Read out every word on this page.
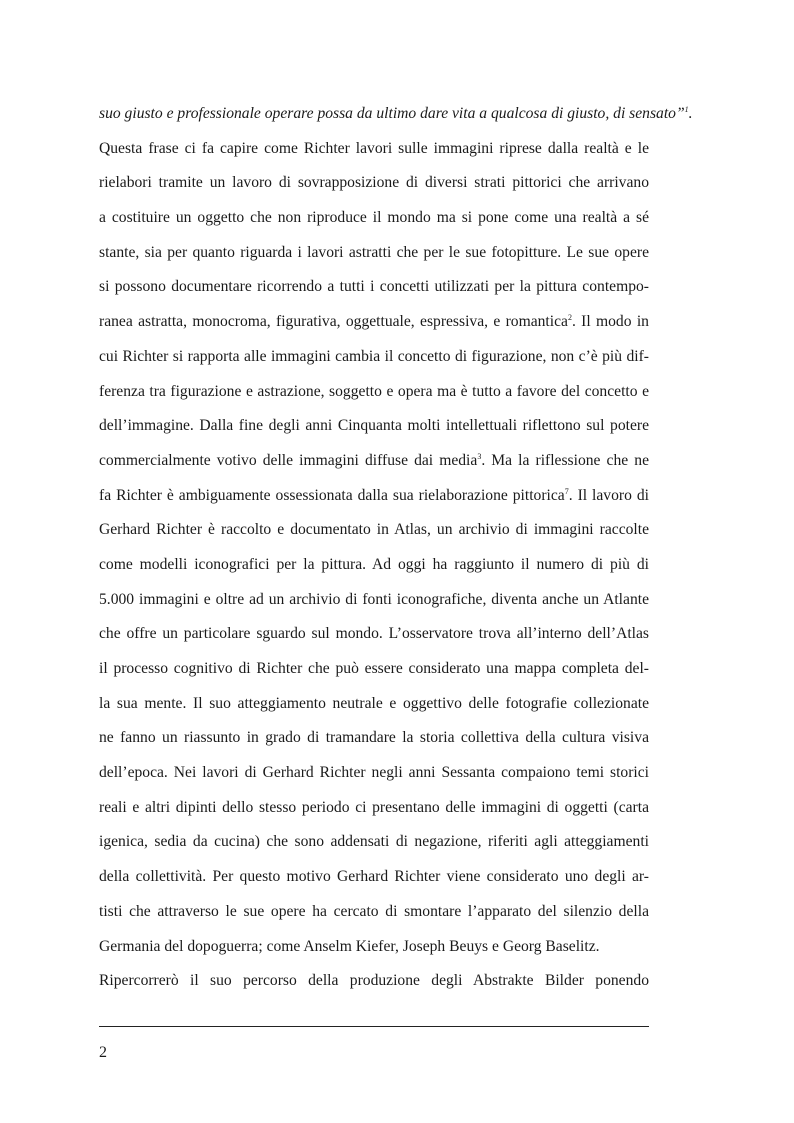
suo giusto e professionale operare possa da ultimo dare vita a qualcosa di giusto, di sensato”$^1$.
Questa frase ci fa capire come Richter lavori sulle immagini riprese dalla realtà e le
rielabori tramite un lavoro di sovrapposizione di diversi strati pittorici che arrivano
a costituire un oggetto che non riproduce il mondo ma si pone come una realtà a sé
stante, sia per quanto riguarda i lavori astratti che per le sue fotopitture. Le sue opere
si possono documentare ricorrendo a tutti i concetti utilizzati per la pittura contempo-
ranea astratta, monocroma, figurativa, oggettuale, espressiva, e romantica$^2$. Il modo in
cui Richter si rapporta alle immagini cambia il concetto di figurazione, non c’è più dif-
ferenza tra figurazione e astrazione, soggetto e opera ma è tutto a favore del concetto e
dell’immagine. Dalla fine degli anni Cinquanta molti intellettuali riflettono sul potere
commercialmente votivo delle immagini diffuse dai media$^3$. Ma la riflessione che ne
fa Richter è ambiguamente ossessionata dalla sua rielaborazione pittorica$^7$. Il lavoro di
Gerhard Richter è raccolto e documentato in Atlas, un archivio di immagini raccolte
come modelli iconografici per la pittura. Ad oggi ha raggiunto il numero di più di
5.000 immagini e oltre ad un archivio di fonti iconografiche, diventa anche un Atlante
che offre un particolare sguardo sul mondo. L’osservatore trova all’interno dell’Atlas
il processo cognitivo di Richter che può essere considerato una mappa completa del-
la sua mente. Il suo atteggiamento neutrale e oggettivo delle fotografie collezionate
ne fanno un riassunto in grado di tramandare la storia collettiva della cultura visiva
dell’epoca. Nei lavori di Gerhard Richter negli anni Sessanta compaiono temi storici
reali e altri dipinti dello stesso periodo ci presentano delle immagini di oggetti (carta
igenica, sedia da cucina) che sono addensati di negazione, riferiti agli atteggiamenti
della collettività. Per questo motivo Gerhard Richter viene considerato uno degli ar-
tisti che attraverso le sue opere ha cercato di smontare l’apparato del silenzio della
Germania del dopoguerra; come Anselm Kiefer, Joseph Beuys e Georg Baselitz.
Ripercorrerò il suo percorso della produzione degli Abstrakte Bilder ponendo
2
